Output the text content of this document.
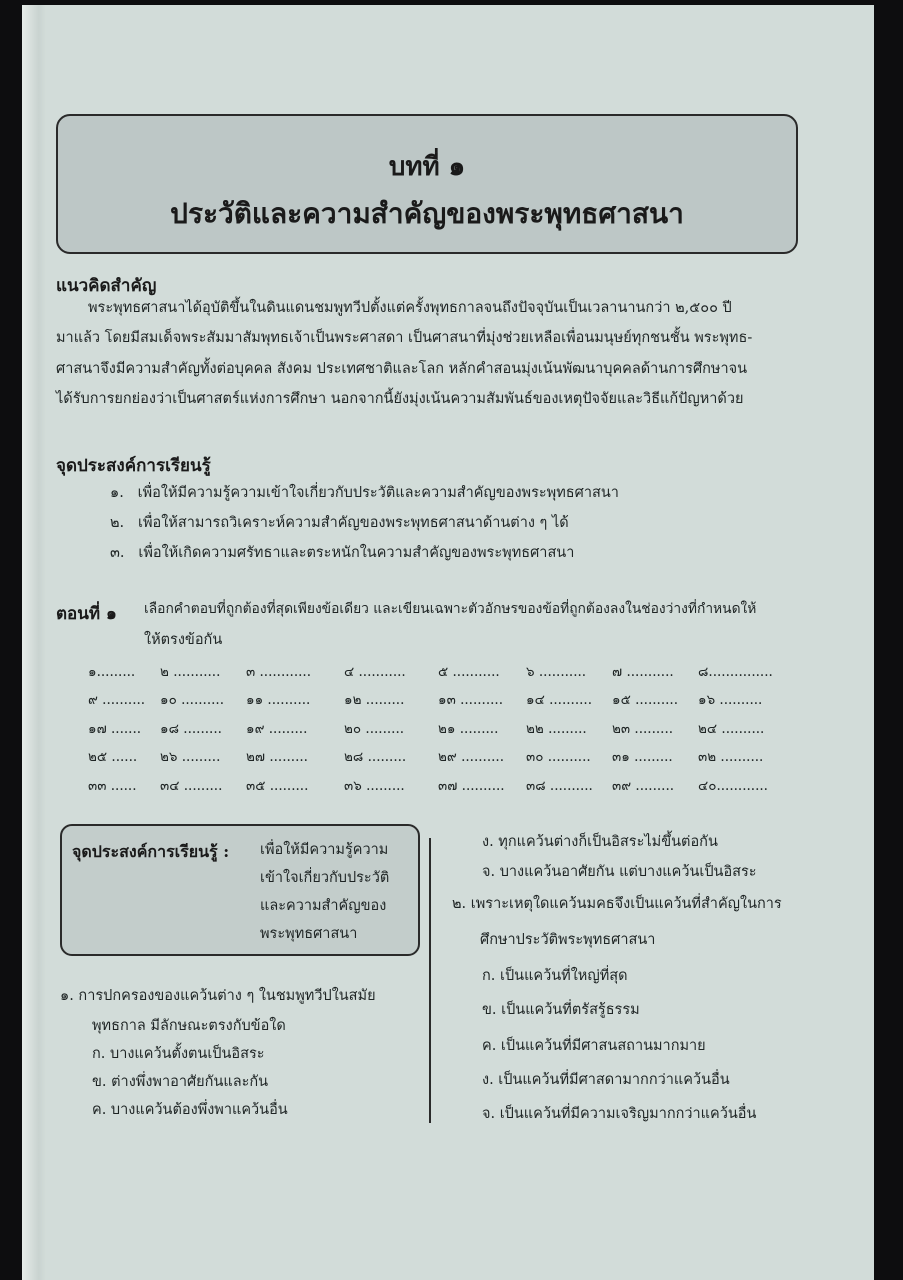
บทที่ ๑
ประวัติและความสำคัญของพระพุทธศาสนา
แนวคิดสำคัญ
พระพุทธศาสนาได้อุบัติขึ้นในดินแดนชมพูทวีปตั้งแต่ครั้งพุทธกาลจนถึงปัจจุบันเป็นเวลานานกว่า ๒,๕๐๐ ปี
มาแล้ว โดยมีสมเด็จพระสัมมาสัมพุทธเจ้าเป็นพระศาสดา เป็นศาสนาที่มุ่งช่วยเหลือเพื่อนมนุษย์ทุกชนชั้น พระพุทธ-
ศาสนาจึงมีความสำคัญทั้งต่อบุคคล สังคม ประเทศชาติและโลก หลักคำสอนมุ่งเน้นพัฒนาบุคคลด้านการศึกษาจน
ได้รับการยกย่องว่าเป็นศาสตร์แห่งการศึกษา นอกจากนี้ยังมุ่งเน้นความสัมพันธ์ของเหตุปัจจัยและวิธีแก้ปัญหาด้วย
จุดประสงค์การเรียนรู้
๑. เพื่อให้มีความรู้ความเข้าใจเกี่ยวกับประวัติและความสำคัญของพระพุทธศาสนา
๒. เพื่อให้สามารถวิเคราะห์ความสำคัญของพระพุทธศาสนาด้านต่าง ๆ ได้
๓. เพื่อให้เกิดความศรัทธาและตระหนักในความสำคัญของพระพุทธศาสนา
ตอนที่ ๑ เลือกคำตอบที่ถูกต้องที่สุดเพียงข้อเดียว และเขียนเฉพาะตัวอักษรของข้อที่ถูกต้องลงในช่องว่างที่กำหนดให้
ให้ตรงข้อกัน
๑......... ๒ ........... ๓ ............ ๔ ........... ๕ ........... ๖ ........... ๗ ........... ๘...............
๙ .......... ๑๐ .......... ๑๑ .......... ๑๒ ......... ๑๓ .......... ๑๔ .......... ๑๕ .......... ๑๖ ..........
๑๗ ....... ๑๘ ......... ๑๙ .........	๒๐ .........	๒๑ ......... ๒๒ ......... ๒๓ ......... ๒๔ ..........
๒๕ ...... ๒๖ ......... ๒๗ .........	๒๘ ......... ๒๙ .......... ๓๐ .......... ๓๑ ......... ๓๒ ..........
๓๓ ...... ๓๔ ......... ๓๕ .........	๓๖ ......... ๓๗ .......... ๓๘ .......... ๓๙ ......... ๔๐............
จุดประสงค์การเรียนรู้ : เพื่อให้มีความรู้ความ
เข้าใจเกี่ยวกับประวัติ
และความสำคัญของ
พระพุทธศาสนา
๑. การปกครองของแคว้นต่าง ๆ ในชมพูทวีปในสมัย
พุทธกาล มีลักษณะตรงกับข้อใด
ก. บางแคว้นตั้งตนเป็นอิสระ
ข. ต่างพึ่งพาอาศัยกันและกัน
ค. บางแคว้นต้องพึ่งพาแคว้นอื่น
ง. ทุกแคว้นต่างก็เป็นอิสระไม่ขึ้นต่อกัน
จ. บางแคว้นอาศัยกัน แต่บางแคว้นเป็นอิสระ
๒. เพราะเหตุใดแคว้นมคธจึงเป็นแคว้นที่สำคัญในการ
ศึกษาประวัติพระพุทธศาสนา
ก. เป็นแคว้นที่ใหญ่ที่สุด
ข. เป็นแคว้นที่ตรัสรู้ธรรม
ค. เป็นแคว้นที่มีศาสนสถานมากมาย
ง. เป็นแคว้นที่มีศาสดามากกว่าแคว้นอื่น
จ. เป็นแคว้นที่มีความเจริญมากกว่าแคว้นอื่น
